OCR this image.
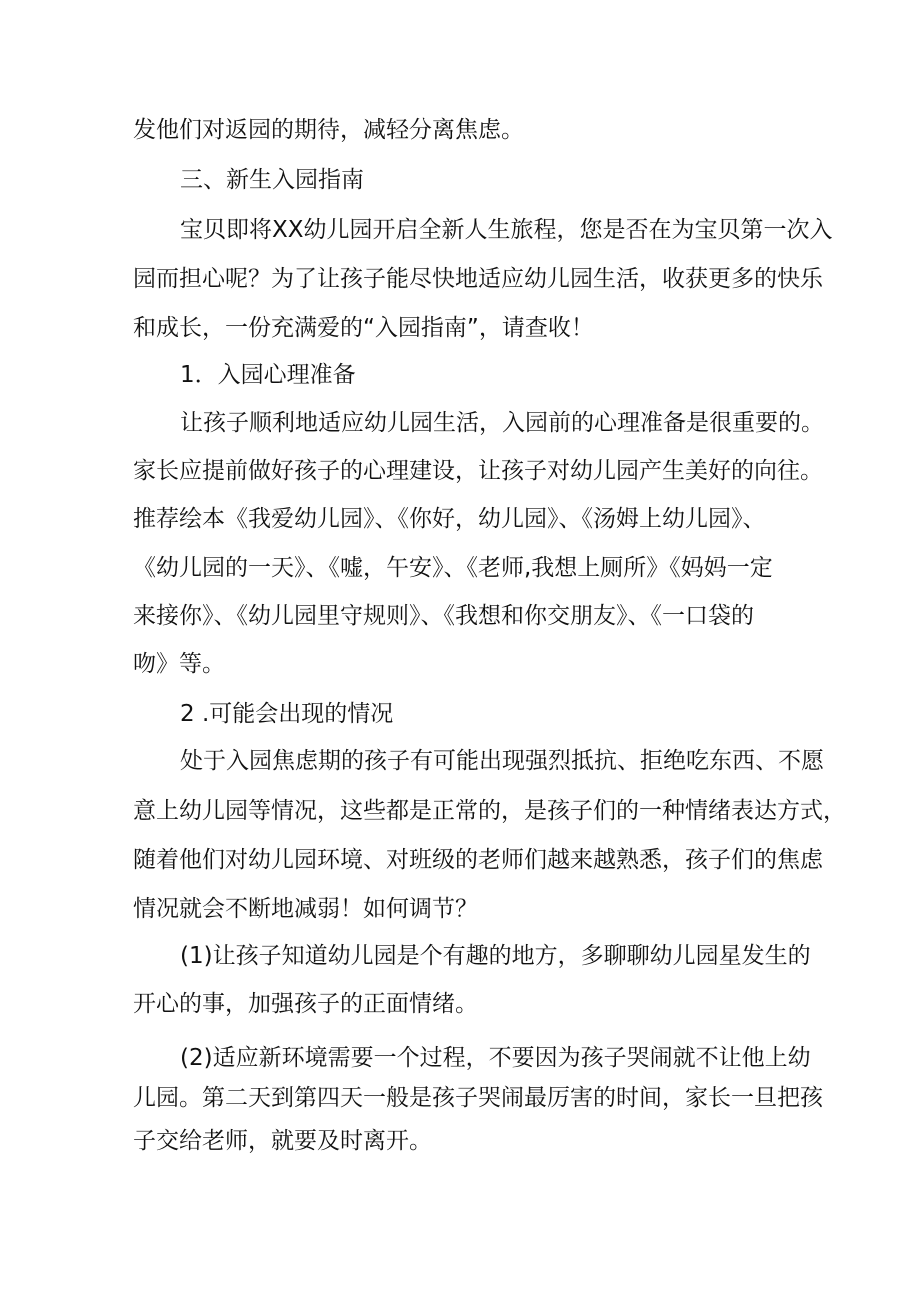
发他们对返园的期待，减轻分离焦虑。

三、新生入园指南

宝贝即将XX幼儿园开启全新人生旅程，您是否在为宝贝第一次入

园而担心呢？为了让孩子能尽快地适应幼儿园生活，收获更多的快乐

和成长，一份充满爱的“入园指南”，请查收！

1．入园心理准备

让孩子顺利地适应幼儿园生活，入园前的心理准备是很重要的。

家长应提前做好孩子的心理建设，让孩子对幼儿园产生美好的向往。

推荐绘本《我爱幼儿园》、《你好，幼儿园》、《汤姆上幼儿园》、

《幼儿园的一天》、《嘘，午安》、《老师,我想上厕所》《妈妈一定

来接你》、《幼儿园里守规则》、《我想和你交朋友》、《一口袋的

吻》等。

2 .可能会出现的情况

处于入园焦虑期的孩子有可能出现强烈抵抗、拒绝吃东西、不愿

意上幼儿园等情况，这些都是正常的，是孩子们的一种情绪表达方式，

随着他们对幼儿园环境、对班级的老师们越来越熟悉，孩子们的焦虑

情况就会不断地减弱！如何调节？

(1)让孩子知道幼儿园是个有趣的地方，多聊聊幼儿园星发生的

开心的事，加强孩子的正面情绪。

(2)适应新环境需要一个过程，不要因为孩子哭闹就不让他上幼

儿园。第二天到第四天一般是孩子哭闹最厉害的时间，家长一旦把孩

子交给老师，就要及时离开。
